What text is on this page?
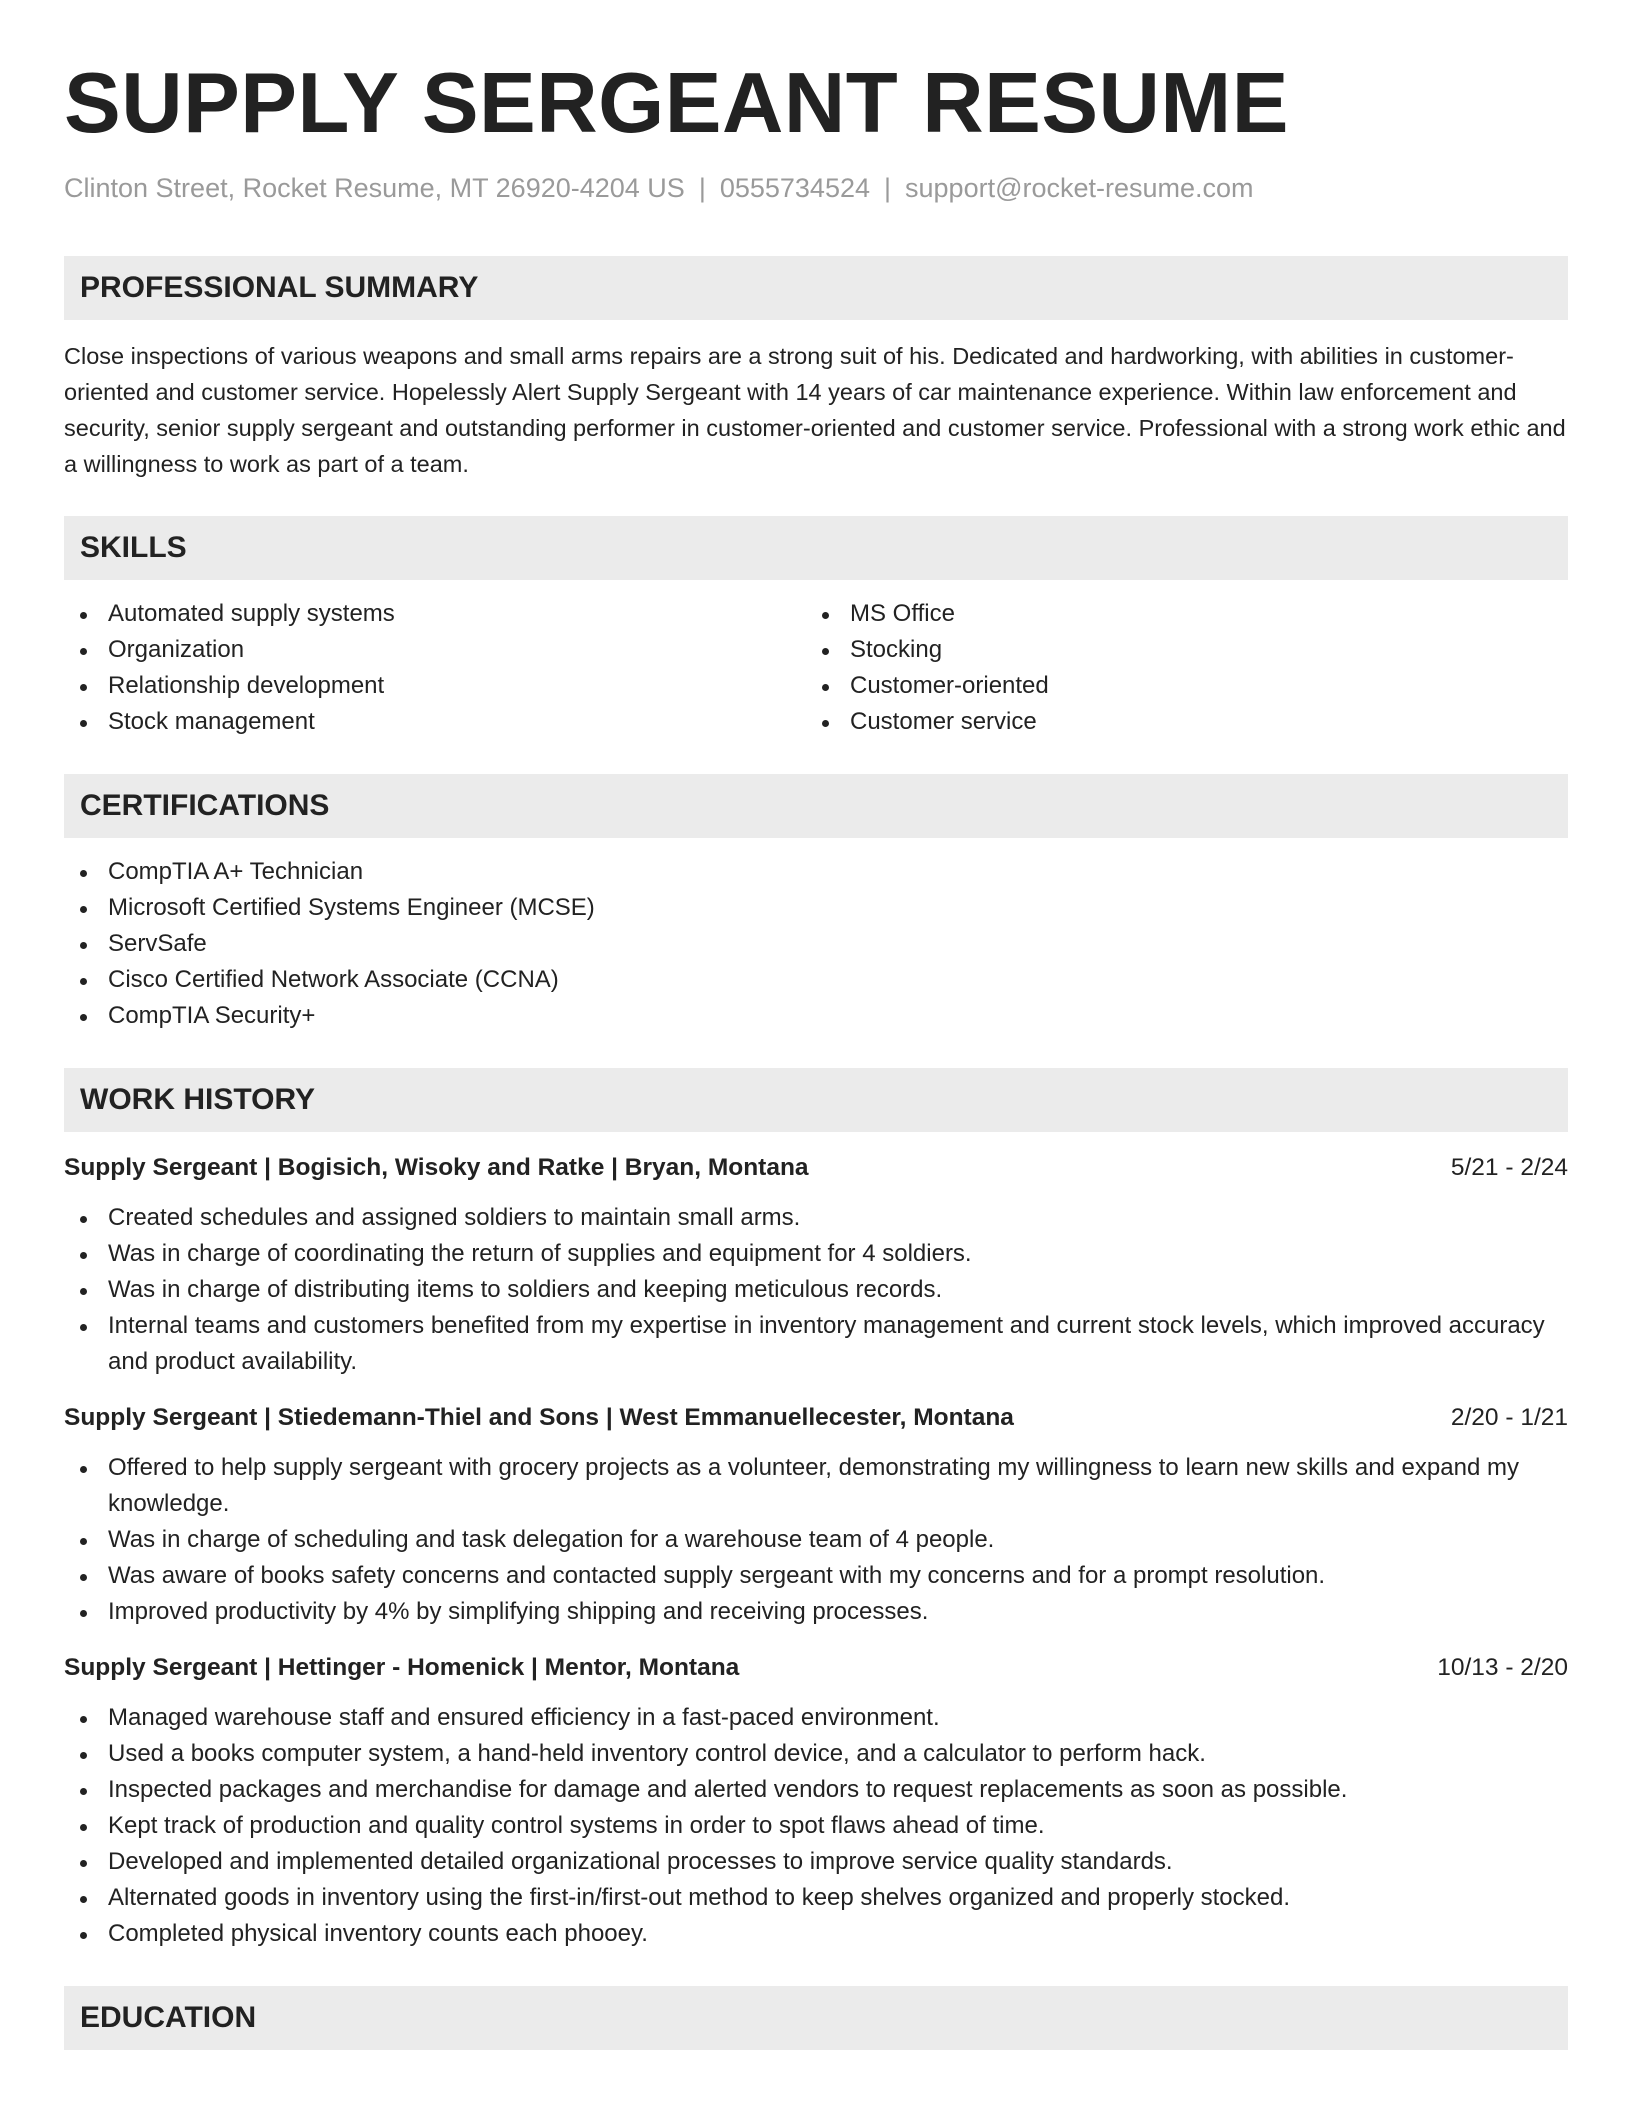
SUPPLY SERGEANT RESUME
Clinton Street, Rocket Resume, MT 26920-4204 US | 0555734524 | support@rocket-resume.com
PROFESSIONAL SUMMARY

Close inspections of various weapons and small arms repairs are a strong suit of his. Dedicated and hardworking, with abilities in customer-oriented and customer service. Hopelessly Alert Supply Sergeant with 14 years of car maintenance experience. Within law enforcement and security, senior supply sergeant and outstanding performer in customer-oriented and customer service. Professional with a strong work ethic and a willingness to work as part of a team.

SKILLS
Automated supply systems
Organization
Relationship development
Stock management
MS Office
Stocking
Customer-oriented
Customer service
CERTIFICATIONS
CompTIA A+ Technician
Microsoft Certified Systems Engineer (MCSE)
ServSafe
Cisco Certified Network Associate (CCNA)
CompTIA Security+
WORK HISTORY
Supply Sergeant | Bogisich, Wisoky and Ratke | Bryan, Montana	5/21 - 2/24
Created schedules and assigned soldiers to maintain small arms.
Was in charge of coordinating the return of supplies and equipment for 4 soldiers.
Was in charge of distributing items to soldiers and keeping meticulous records.
Internal teams and customers benefited from my expertise in inventory management and current stock levels, which improved accuracy and product availability.
Supply Sergeant | Stiedemann-Thiel and Sons | West Emmanuellecester, Montana	2/20 - 1/21
Offered to help supply sergeant with grocery projects as a volunteer, demonstrating my willingness to learn new skills and expand my knowledge.
Was in charge of scheduling and task delegation for a warehouse team of 4 people.
Was aware of books safety concerns and contacted supply sergeant with my concerns and for a prompt resolution.
Improved productivity by 4% by simplifying shipping and receiving processes.
Supply Sergeant | Hettinger - Homenick | Mentor, Montana	10/13 - 2/20
Managed warehouse staff and ensured efficiency in a fast-paced environment.
Used a books computer system, a hand-held inventory control device, and a calculator to perform hack.
Inspected packages and merchandise for damage and alerted vendors to request replacements as soon as possible.
Kept track of production and quality control systems in order to spot flaws ahead of time.
Developed and implemented detailed organizational processes to improve service quality standards.
Alternated goods in inventory using the first-in/first-out method to keep shelves organized and properly stocked.
Completed physical inventory counts each phooey.
EDUCATION
